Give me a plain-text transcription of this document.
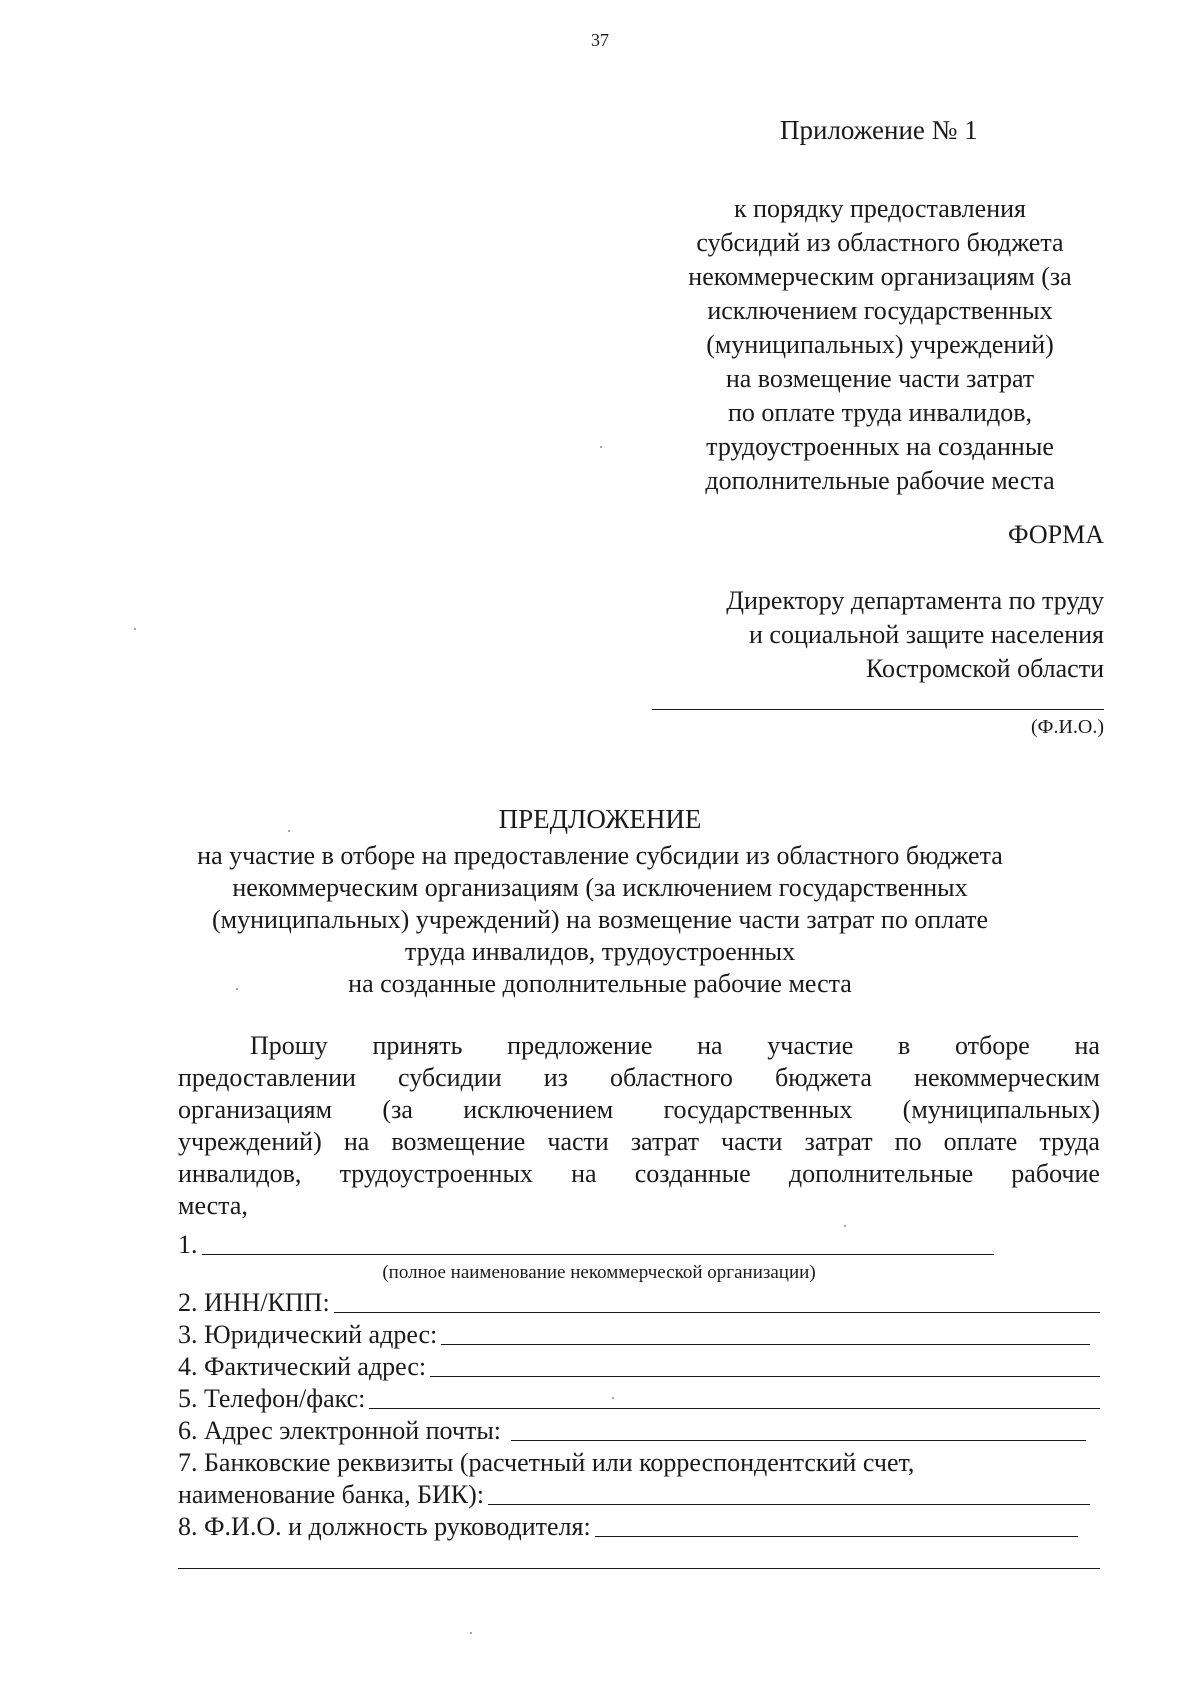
37
Приложение № 1
к порядку предоставления
субсидий из областного бюджета
некоммерческим организациям (за
исключением государственных
(муниципальных) учреждений)
на возмещение части затрат
по оплате труда инвалидов,
трудоустроенных на созданные
дополнительные рабочие места
ФОРМА
Директору департамента по труду
и социальной защите населения
Костромской области
(Ф.И.О.)
ПРЕДЛОЖЕНИЕ
на участие в отборе на предоставление субсидии из областного бюджета
некоммерческим организациям (за исключением государственных
(муниципальных) учреждений) на возмещение части затрат по оплате
труда инвалидов, трудоустроенных
на созданные дополнительные рабочие места
Прошу принять предложение на участие в отборе на
предоставлении субсидии из областного бюджета некоммерческим
организациям (за исключением государственных (муниципальных)
учреждений) на возмещение части затрат части затрат по оплате труда
инвалидов, трудоустроенных на созданные дополнительные рабочие
места,
1.
(полное наименование некоммерческой организации)
2. ИНН/КПП:
3. Юридический адрес:
4. Фактический адрес:
5. Телефон/факс:
6. Адрес электронной почты:
7. Банковские реквизиты (расчетный или корреспондентский счет,
наименование банка, БИК):
8. Ф.И.О. и должность руководителя:
